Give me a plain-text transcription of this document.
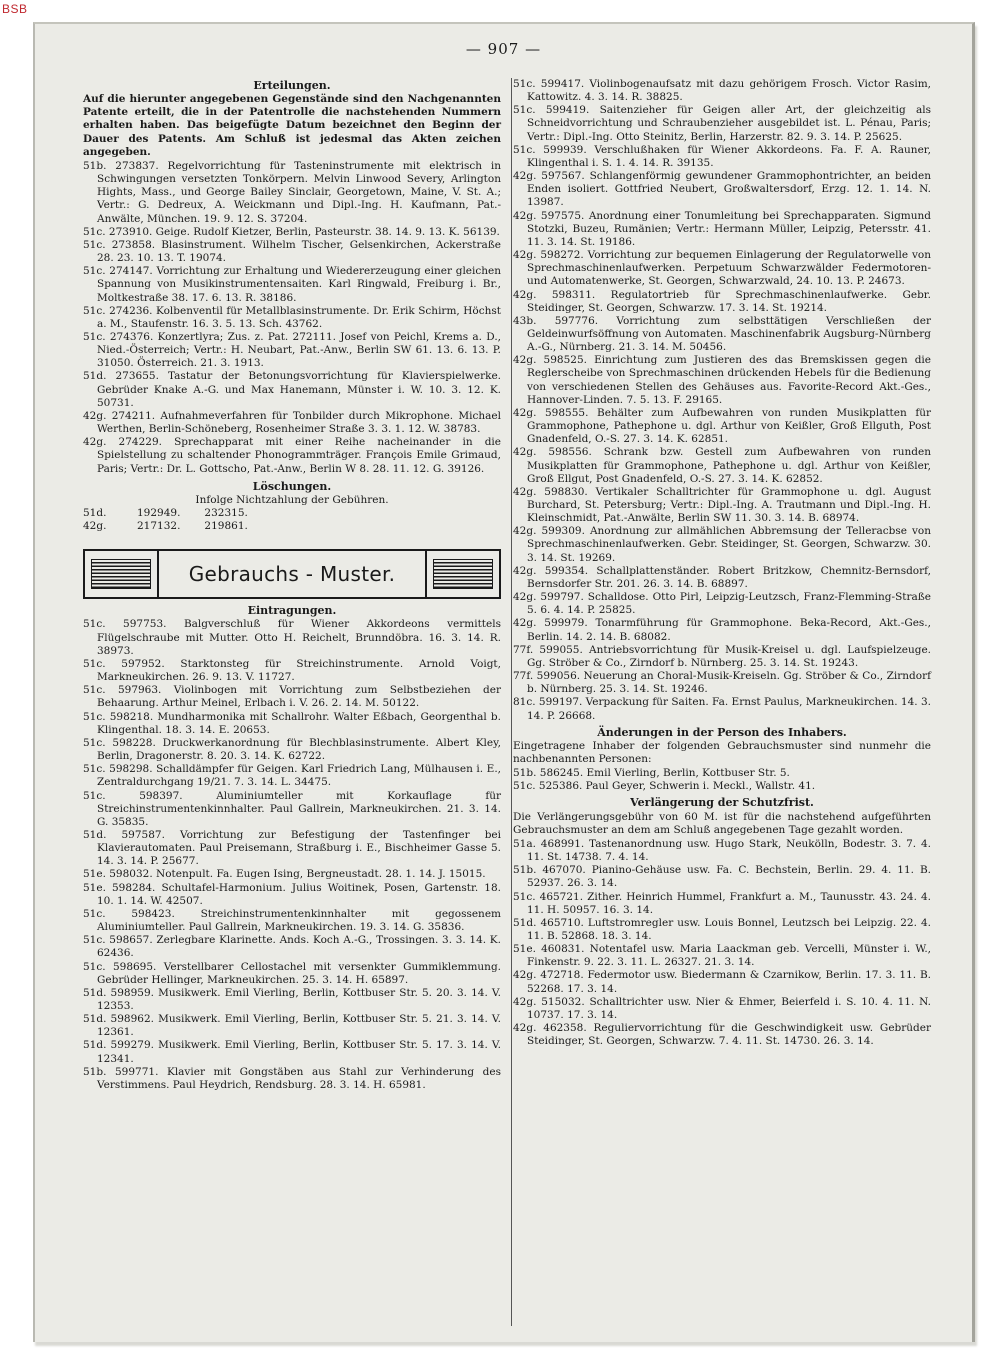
BSB
— 907 —
Erteilungen.
Auf die hierunter angegebenen Gegenstände sind den Nachgenannten Patente erteilt, die in der Patentrolle die nachstehenden Nummern erhalten haben. Das beigefügte Datum bezeichnet den Beginn der Dauer des Patents. Am Schluß ist jedesmal das Akten zeichen angegeben.

51b. 273837. Regelvorrichtung für Tasteninstrumente mit elektrisch in Schwingungen versetzten Tonkörpern. Melvin Linwood Severy, Arlington Hights, Mass., und George Bailey Sinclair, Georgetown, Maine, V. St. A.; Vertr.: G. Dedreux, A. Weickmann und Dipl.-Ing. H. Kaufmann, Pat.-Anwälte, München. 19. 9. 12. S. 37204.

51c. 273910. Geige. Rudolf Kietzer, Berlin, Pasteurstr. 38. 14. 9. 13. K. 56139.

51c. 273858. Blasinstrument. Wilhelm Tischer, Gelsenkirchen, Ackerstraße 28. 23. 10. 13. T. 19074.

51c. 274147. Vorrichtung zur Erhaltung und Wiedererzeugung einer gleichen Spannung von Musikinstrumentensaiten. Karl Ringwald, Freiburg i. Br., Moltkestraße 38. 17. 6. 13. R. 38186.

51c. 274236. Kolbenventil für Metallblasinstrumente. Dr. Erik Schirm, Höchst a. M., Staufenstr. 16. 3. 5. 13. Sch. 43762.

51c. 274376. Konzertlyra; Zus. z. Pat. 272111. Josef von Peichl, Krems a. D., Nied.-Österreich; Vertr.: H. Neubart, Pat.-Anw., Berlin SW 61. 13. 6. 13. P. 31050. Österreich. 21. 3. 1913.

51d. 273655. Tastatur der Betonungsvorrichtung für Klavierspielwerke. Gebrüder Knake A.-G. und Max Hanemann, Münster i. W. 10. 3. 12. K. 50731.

42g. 274211. Aufnahmeverfahren für Tonbilder durch Mikrophone. Michael Werthen, Berlin-Schöneberg, Rosenheimer Straße 3. 3. 1. 12. W. 38783.

42g. 274229. Sprechapparat mit einer Reihe nacheinander in die Spielstellung zu schaltender Phonogrammträger. François Emile Grimaud, Paris; Vertr.: Dr. L. Gottscho, Pat.-Anw., Berlin W 8. 28. 11. 12. G. 39126.

Löschungen.
Infolge Nichtzahlung der Gebühren.
51d.	192949. 232315.
42g.	217132. 219861.
Gebrauchs - Muster.
Eintragungen.

51c. 597753. Balgverschluß für Wiener Akkordeons vermittels Flügelschraube mit Mutter. Otto H. Reichelt, Brunndöbra. 16. 3. 14. R. 38973.

51c. 597952. Starktonsteg für Streichinstrumente. Arnold Voigt, Markneukirchen. 26. 9. 13. V. 11727.

51c. 597963. Violinbogen mit Vorrichtung zum Selbstbeziehen der Behaarung. Arthur Meinel, Erlbach i. V. 26. 2. 14. M. 50122.

51c. 598218. Mundharmonika mit Schallrohr. Walter Eßbach, Georgenthal b. Klingenthal. 18. 3. 14. E. 20653.

51c. 598228. Druckwerkanordnung für Blechblasinstrumente. Albert Kley, Berlin, Dragonerstr. 8. 20. 3. 14. K. 62722.

51c. 598298. Schalldämpfer für Geigen. Karl Friedrich Lang, Mülhausen i. E., Zentraldurchgang 19/21. 7. 3. 14. L. 34475.

51c. 598397. Aluminiumteller mit Korkauflage für Streichinstrumentenkinnhalter. Paul Gallrein, Markneukirchen. 21. 3. 14. G. 35835.

51d. 597587. Vorrichtung zur Befestigung der Tastenfinger bei Klavierautomaten. Paul Preisemann, Straßburg i. E., Bischheimer Gasse 5. 14. 3. 14. P. 25677.

51e. 598032. Notenpult. Fa. Eugen Ising, Bergneustadt. 28. 1. 14. J. 15015.

51e. 598284. Schultafel-Harmonium. Julius Woitinek, Posen, Gartenstr. 18. 10. 1. 14. W. 42507.

51c. 598423. Streichinstrumentenkinnhalter mit gegossenem Aluminiumteller. Paul Gallrein, Markneukirchen. 19. 3. 14. G. 35836.

51c. 598657. Zerlegbare Klarinette. Ands. Koch A.-G., Trossingen. 3. 3. 14. K. 62436.

51c. 598695. Verstellbarer Cellostachel mit versenkter Gummiklemmung. Gebrüder Hellinger, Markneukirchen. 25. 3. 14. H. 65897.

51d. 598959. Musikwerk. Emil Vierling, Berlin, Kottbuser Str. 5. 20. 3. 14. V. 12353.

51d. 598962. Musikwerk. Emil Vierling, Berlin, Kottbuser Str. 5. 21. 3. 14. V. 12361.

51d. 599279. Musikwerk. Emil Vierling, Berlin, Kottbuser Str. 5. 17. 3. 14. V. 12341.

51b. 599771. Klavier mit Gongstäben aus Stahl zur Verhinderung des Verstimmens. Paul Heydrich, Rendsburg. 28. 3. 14. H. 65981.

51c. 599417. Violinbogenaufsatz mit dazu gehörigem Frosch. Victor Rasim, Kattowitz. 4. 3. 14. R. 38825.

51c. 599419. Saitenzieher für Geigen aller Art, der gleichzeitig als Schneidvorrichtung und Schraubenzieher ausgebildet ist. L. Pénau, Paris; Vertr.: Dipl.-Ing. Otto Steinitz, Berlin, Harzerstr. 82. 9. 3. 14. P. 25625.

51c. 599939. Verschlußhaken für Wiener Akkordeons. Fa. F. A. Rauner, Klingenthal i. S. 1. 4. 14. R. 39135.

42g. 597567. Schlangenförmig gewundener Grammophontrichter, an beiden Enden isoliert. Gottfried Neubert, Großwaltersdorf, Erzg. 12. 1. 14. N. 13987.

42g. 597575. Anordnung einer Tonumleitung bei Sprechapparaten. Sigmund Stotzki, Buzeu, Rumänien; Vertr.: Hermann Müller, Leipzig, Petersstr. 41. 11. 3. 14. St. 19186.

42g. 598272. Vorrichtung zur bequemen Einlagerung der Regulatorwelle von Sprechmaschinenlaufwerken. Perpetuum Schwarzwälder Federmotoren- und Automatenwerke, St. Georgen, Schwarzwald, 24. 10. 13. P. 24673.

42g. 598311. Regulatortrieb für Sprechmaschinenlaufwerke. Gebr. Steidinger, St. Georgen, Schwarzw. 17. 3. 14. St. 19214.

43b. 597776. Vorrichtung zum selbsttätigen Verschließen der Geldeinwurfsöffnung von Automaten. Maschinenfabrik Augsburg-Nürnberg A.-G., Nürnberg. 21. 3. 14. M. 50456.

42g. 598525. Einrichtung zum Justieren des das Bremskissen gegen die Reglerscheibe von Sprechmaschinen drückenden Hebels für die Bedienung von verschiedenen Stellen des Gehäuses aus. Favorite-Record Akt.-Ges., Hannover-Linden. 7. 5. 13. F. 29165.

42g. 598555. Behälter zum Aufbewahren von runden Musikplatten für Grammophone, Pathephone u. dgl. Arthur von Keißler, Groß Ellguth, Post Gnadenfeld, O.-S. 27. 3. 14. K. 62851.

42g. 598556. Schrank bzw. Gestell zum Aufbewahren von runden Musikplatten für Grammophone, Pathephone u. dgl. Arthur von Keißler, Groß Ellgut, Post Gnadenfeld, O.-S. 27. 3. 14. K. 62852.

42g. 598830. Vertikaler Schalltrichter für Grammophone u. dgl. August Burchard, St. Petersburg; Vertr.: Dipl.-Ing. A. Trautmann und Dipl.-Ing. H. Kleinschmidt, Pat.-Anwälte, Berlin SW 11. 30. 3. 14. B. 68974.

42g. 599309. Anordnung zur allmählichen Abbremsung der Telleracbse von Sprechmaschinenlaufwerken. Gebr. Steidinger, St. Georgen, Schwarzw. 30. 3. 14. St. 19269.

42g. 599354. Schallplattenständer. Robert Britzkow, Chemnitz-Bernsdorf, Bernsdorfer Str. 201. 26. 3. 14. B. 68897.

42g. 599797. Schalldose. Otto Pirl, Leipzig-Leutzsch, Franz-Flemming-Straße 5. 6. 4. 14. P. 25825.

42g. 599979. Tonarmführung für Grammophone. Beka-Record, Akt.-Ges., Berlin. 14. 2. 14. B. 68082.

77f. 599055. Antriebsvorrichtung für Musik-Kreisel u. dgl. Laufspielzeuge. Gg. Ströber & Co., Zirndorf b. Nürnberg. 25. 3. 14. St. 19243.

77f. 599056. Neuerung an Choral-Musik-Kreiseln. Gg. Ströber & Co., Zirndorf b. Nürnberg. 25. 3. 14. St. 19246.

81c. 599197. Verpackung für Saiten. Fa. Ernst Paulus, Markneukirchen. 14. 3. 14. P. 26668.

Änderungen in der Person des Inhabers.
Eingetragene Inhaber der folgenden Gebrauchsmuster sind nunmehr die nachbenannten Personen:

51b. 586245. Emil Vierling, Berlin, Kottbuser Str. 5.

51c. 525386. Paul Geyer, Schwerin i. Meckl., Wallstr. 41.

Verlängerung der Schutzfrist.
Die Verlängerungsgebühr von 60 M. ist für die nachstehend aufgeführten Gebrauchsmuster an dem am Schluß angegebenen Tage gezahlt worden.

51a. 468991. Tastenanordnung usw. Hugo Stark, Neukölln, Bodestr. 3. 7. 4. 11. St. 14738. 7. 4. 14.

51b. 467070. Pianino-Gehäuse usw. Fa. C. Bechstein, Berlin. 29. 4. 11. B. 52937. 26. 3. 14.

51c. 465721. Zither. Heinrich Hummel, Frankfurt a. M., Taunusstr. 43. 24. 4. 11. H. 50957. 16. 3. 14.

51d. 465710. Luftstromregler usw. Louis Bonnel, Leutzsch bei Leipzig. 22. 4. 11. B. 52868. 18. 3. 14.

51e. 460831. Notentafel usw. Maria Laackman geb. Vercelli, Münster i. W., Finkenstr. 9. 22. 3. 11. L. 26327. 21. 3. 14.

42g. 472718. Federmotor usw. Biedermann & Czarnikow, Berlin. 17. 3. 11. B. 52268. 17. 3. 14.

42g. 515032. Schalltrichter usw. Nier & Ehmer, Beierfeld i. S. 10. 4. 11. N. 10737. 17. 3. 14.

42g. 462358. Reguliervorrichtung für die Geschwindigkeit usw. Gebrüder Steidinger, St. Georgen, Schwarzw. 7. 4. 11. St. 14730. 26. 3. 14.
